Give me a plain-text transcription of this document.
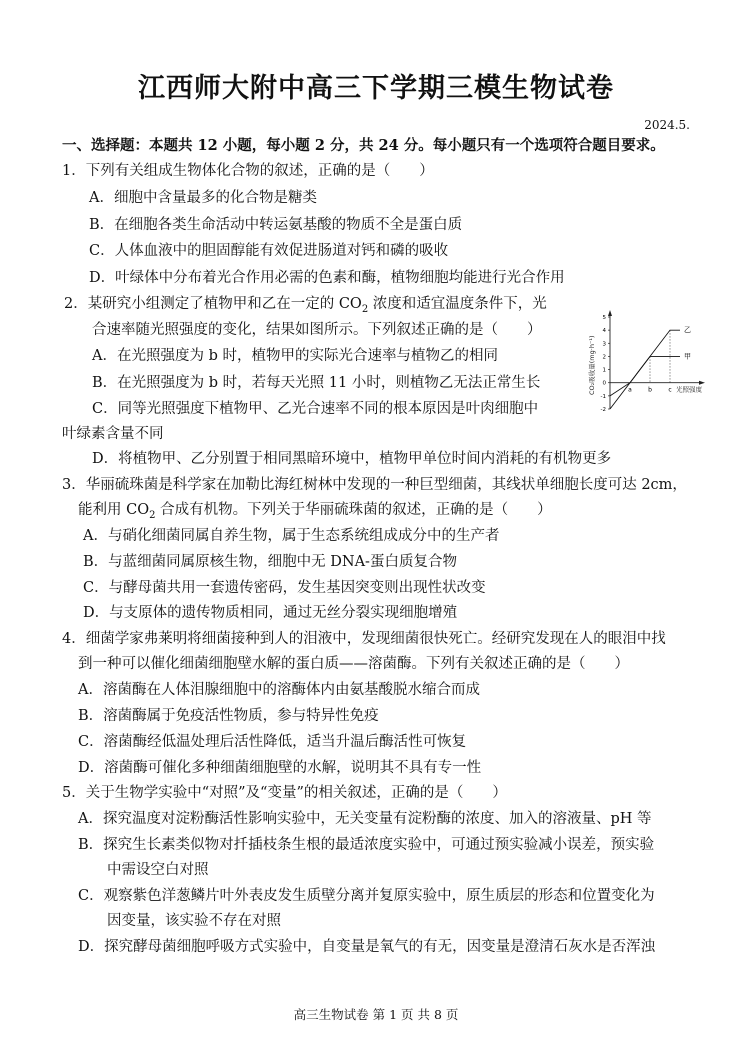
江西师大附中高三下学期三模生物试卷
2024.5.
一、选择题：本题共 12 小题，每小题 2 分，共 24 分。每小题只有一个选项符合题目要求。
1．下列有关组成生物体化合物的叙述，正确的是（　　）
A．细胞中含量最多的化合物是糖类
B．在细胞各类生命活动中转运氨基酸的物质不全是蛋白质
C．人体血液中的胆固醇能有效促进肠道对钙和磷的吸收
D．叶绿体中分布着光合作用必需的色素和酶，植物细胞均能进行光合作用
2．某研究小组测定了植物甲和乙在一定的 $CO_2$ 浓度和适宜温度条件下，光
合速率随光照强度的变化，结果如图所示。下列叙述正确的是（　　）
A．在光照强度为 b 时，植物甲的实际光合速率与植物乙的相同
B．在光照强度为 b 时，若每天光照 11 小时，则植物乙无法正常生长
C．同等光照强度下植物甲、乙光合速率不同的根本原因是叶肉细胞中
叶绿素含量不同
D．将植物甲、乙分别置于相同黑暗环境中，植物甲单位时间内消耗的有机物更多
CO₂吸收量(mg·h⁻¹)
5
4
3
2
1
0
-1
-2
a	b	c
乙
甲
光照强度
3．华丽硫珠菌是科学家在加勒比海红树林中发现的一种巨型细菌，其线状单细胞长度可达 2cm，
能利用 $CO_2$ 合成有机物。下列关于华丽硫珠菌的叙述，正确的是（　　）
A．与硝化细菌同属自养生物，属于生态系统组成成分中的生产者
B．与蓝细菌同属原核生物，细胞中无 DNA-蛋白质复合物
C．与酵母菌共用一套遗传密码，发生基因突变则出现性状改变
D．与支原体的遗传物质相同，通过无丝分裂实现细胞增殖
4．细菌学家弗莱明将细菌接种到人的泪液中，发现细菌很快死亡。经研究发现在人的眼泪中找
到一种可以催化细菌细胞壁水解的蛋白质——溶菌酶。下列有关叙述正确的是（　　）
A．溶菌酶在人体泪腺细胞中的溶酶体内由氨基酸脱水缩合而成
B．溶菌酶属于免疫活性物质，参与特异性免疫
C．溶菌酶经低温处理后活性降低，适当升温后酶活性可恢复
D．溶菌酶可催化多种细菌细胞壁的水解，说明其不具有专一性
5．关于生物学实验中“对照”及“变量”的相关叙述，正确的是（　　）
A．探究温度对淀粉酶活性影响实验中，无关变量有淀粉酶的浓度、加入的溶液量、pH 等
B．探究生长素类似物对扦插枝条生根的最适浓度实验中，可通过预实验减小误差，预实验
中需设空白对照
C．观察紫色洋葱鳞片叶外表皮发生质壁分离并复原实验中，原生质层的形态和位置变化为
因变量，该实验不存在对照
D．探究酵母菌细胞呼吸方式实验中，自变量是氧气的有无，因变量是澄清石灰水是否浑浊
高三生物试卷 第 1 页 共 8 页
